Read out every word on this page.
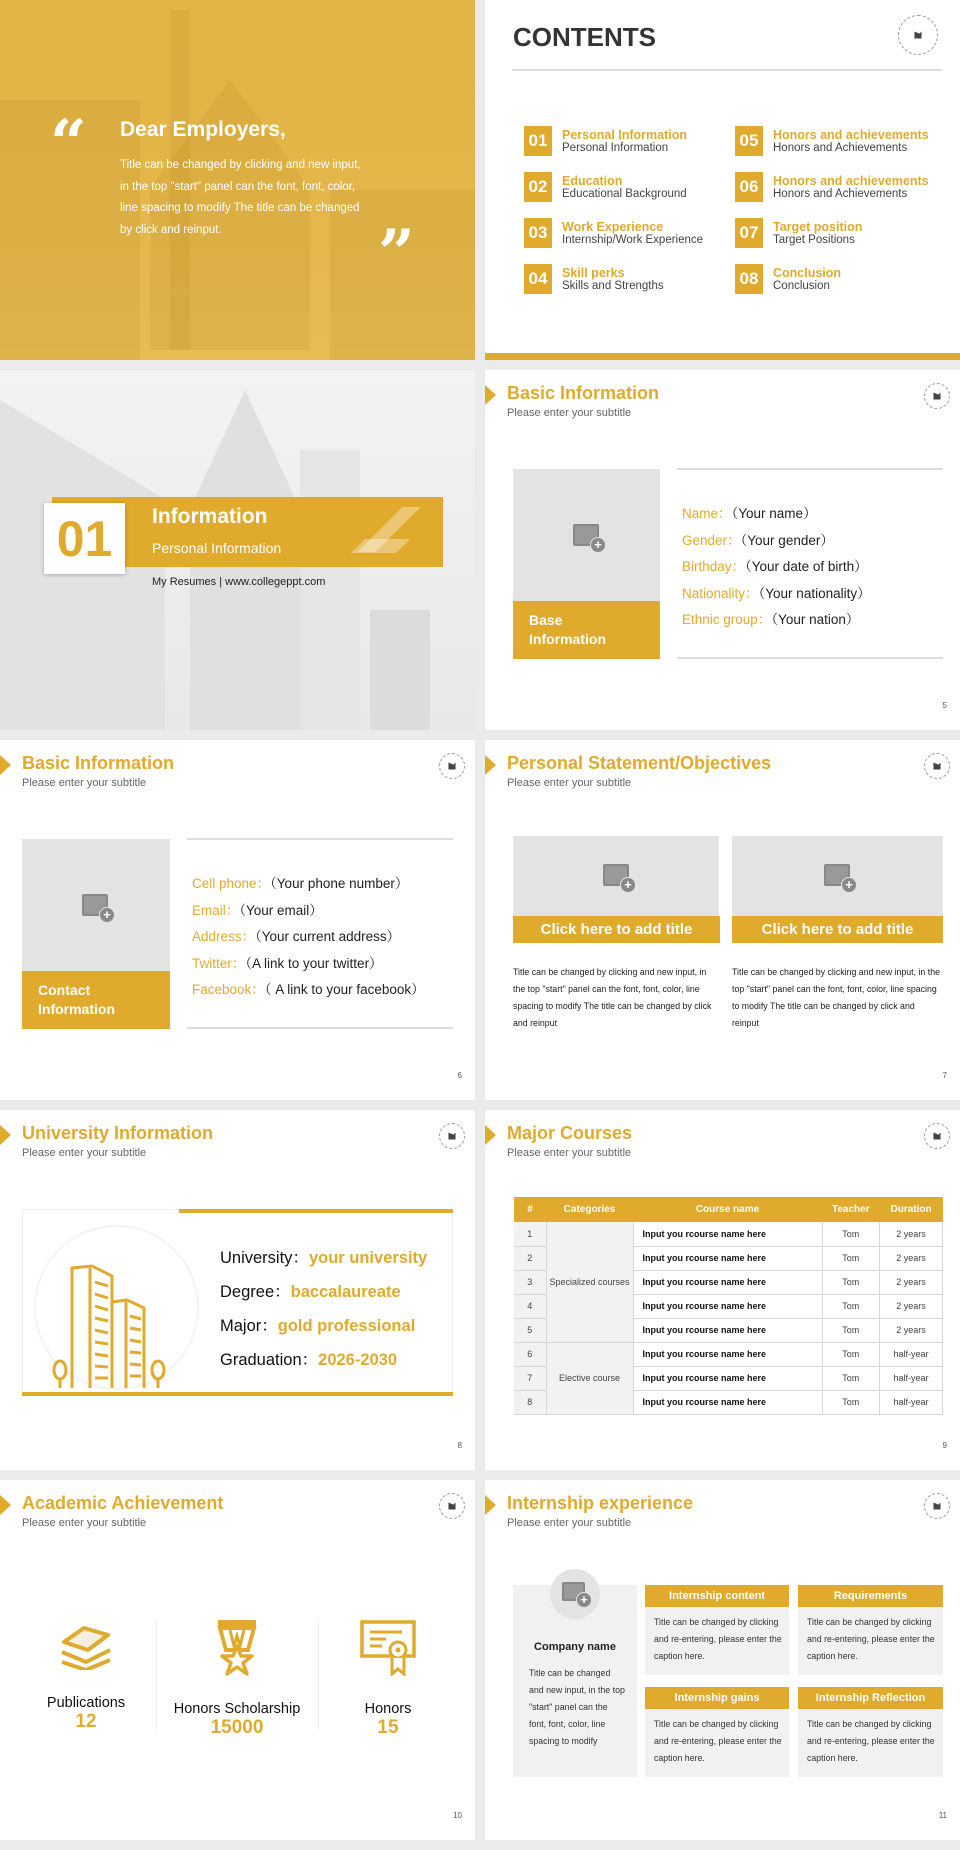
“ Dear Employers,
Title can be changed by clicking and new input, in the top "start" panel can the font, font, color, line spacing to modify The title can be changed by click and reinput.	”
CONTENTS
01	Personal Information
Personal Information
02	Education
Educational Background
03	Work Experience
Internship/Work Experience
04	Skill perks
Skills and Strengths
05	Honors and achievements
Honors and Achievements
06	Honors and achievements
Honors and Achievements
07	Target position
Target Positions
08	Conclusion
Conclusion
01	Information
Personal Information
My Resumes | www.collegeppt.com
Basic Information
Please enter your subtitle
+
Base
Information
Name：（Your name）
Gender：（Your gender）
Birthday：（Your date of birth）
Nationality：（Your nationality）
Ethnic group：（Your nation）
5
Basic Information
Please enter your subtitle
+
Contact
Information
Cell phone：（Your phone number）
Email：（Your email）
Address：（Your current address）
Twitter：（A link to your twitter）
Facebook：（ A link to your facebook）
6
Personal Statement/Objectives
Please enter your subtitle
+
Click here to add title
Title can be changed by clicking and new input, in the top "start" panel can the font, font, color, line spacing to modify The title can be changed by click and reinput
+
Click here to add title
Title can be changed by clicking and new input, in the top "start" panel can the font, font, color, line spacing to modify The title can be changed by click and reinput
7
University Information
Please enter your subtitle
University：your university
Degree：baccalaureate
Major：gold professional
Graduation：2026-2030
8
Major Courses
Please enter your subtitle
#	Categories	Course name	Teacher	Duration
1	Specialized courses	Input you rcourse name here	Tom	2 years
2		Input you rcourse name here	Tom	2 years
3		Input you rcourse name here	Tom	2 years
4		Input you rcourse name here	Tom	2 years
5		Input you rcourse name here	Tom	2 years
6	Elective course	Input you rcourse name here	Tom	half-year
7		Input you rcourse name here	Tom	half-year
8		Input you rcourse name here	Tom	half-year
9
Academic Achievement
Please enter your subtitle
Publications
12
Honors Scholarship
15000
Honors
15
10
Internship experience
Please enter your subtitle
+
Company name
Title can be changed and new input, in the top "start" panel can the font, font, color, line spacing to modify
Internship content
Title can be changed by clicking and re-entering, please enter the caption here.
Requirements
Title can be changed by clicking and re-entering, please enter the caption here.
Internship gains
Title can be changed by clicking and re-entering, please enter the caption here.
Internship Reflection
Title can be changed by clicking and re-entering, please enter the caption here.
11
